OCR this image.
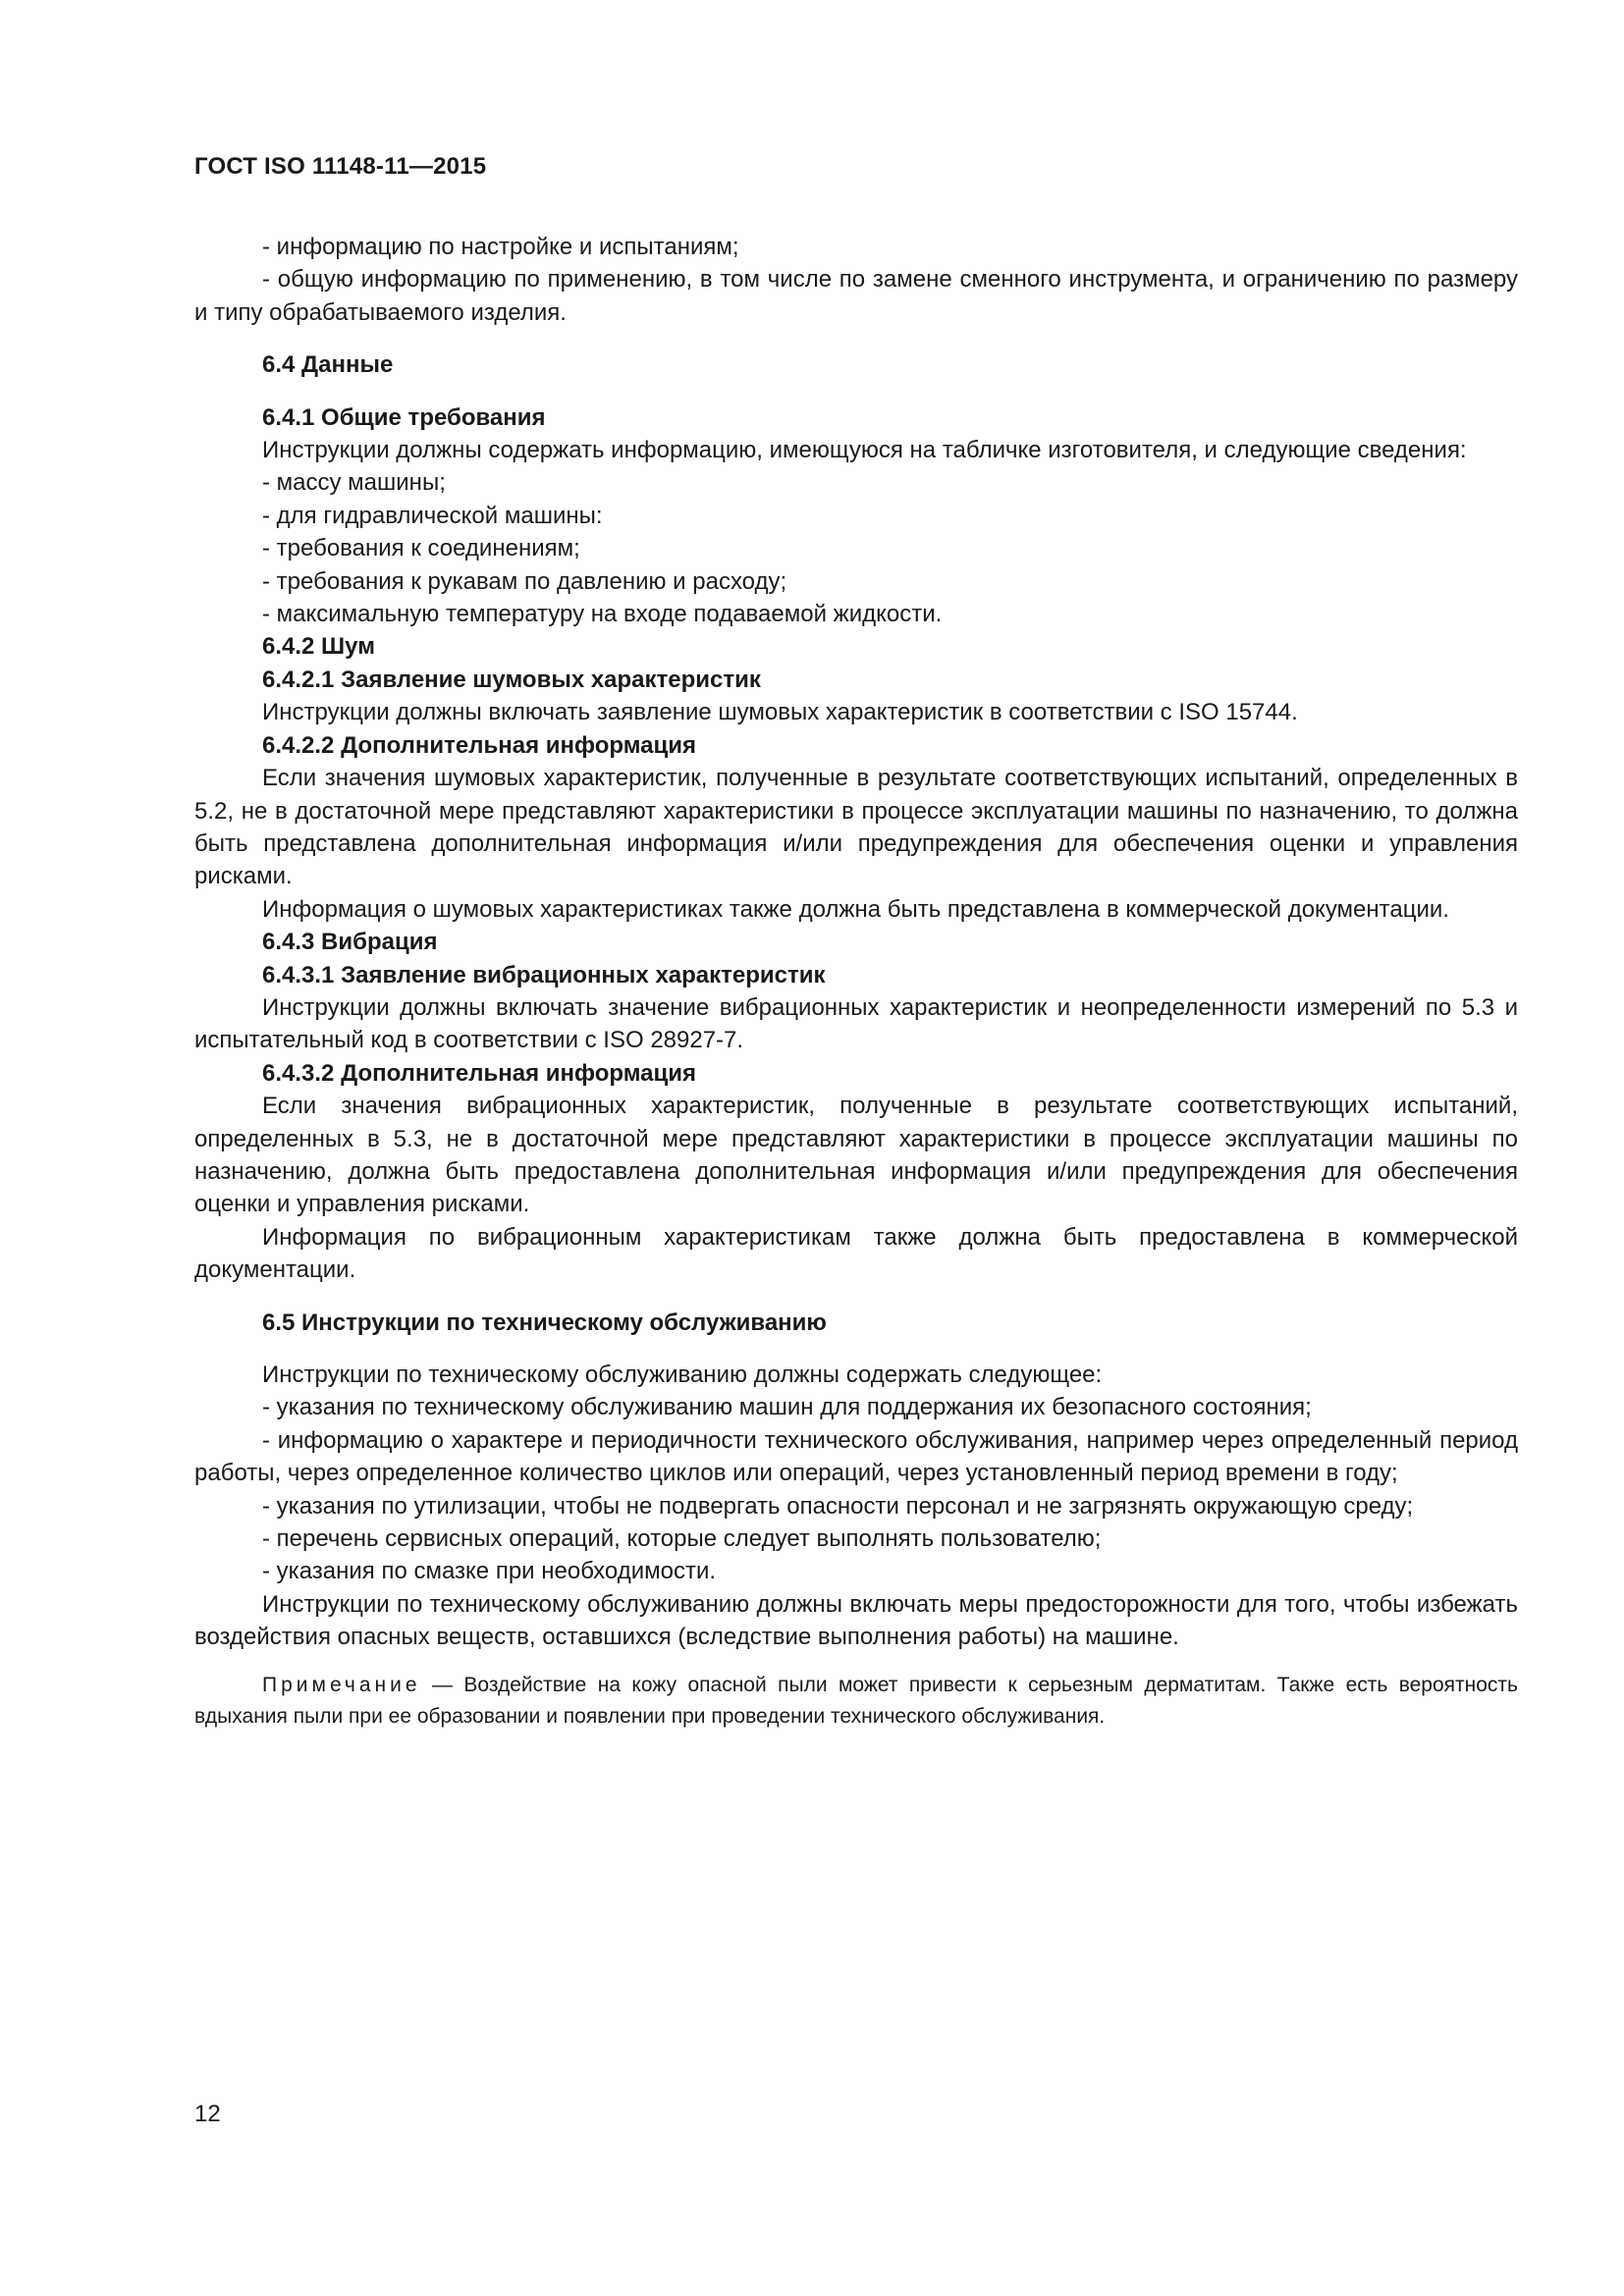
ГОСТ ISO 11148-11—2015

- информацию по настройке и испытаниям;

- общую информацию по применению, в том числе по замене сменного инструмента, и ограничению по размеру и типу обрабатываемого изделия.

6.4 Данные

6.4.1 Общие требования

Инструкции должны содержать информацию, имеющуюся на табличке изготовителя, и следующие сведения:

- массу машины;

- для гидравлической машины:

- требования к соединениям;

- требования к рукавам по давлению и расходу;

- максимальную температуру на входе подаваемой жидкости.

6.4.2 Шум

6.4.2.1 Заявление шумовых характеристик

Инструкции должны включать заявление шумовых характеристик в соответствии с ISO 15744.

6.4.2.2 Дополнительная информация

Если значения шумовых характеристик, полученные в результате соответствующих испытаний, определенных в 5.2, не в достаточной мере представляют характеристики в процессе эксплуатации машины по назначению, то должна быть представлена дополнительная информация и/или предупреждения для обеспечения оценки и управления рисками.

Информация о шумовых характеристиках также должна быть представлена в коммерческой документации.

6.4.3 Вибрация

6.4.3.1 Заявление вибрационных характеристик

Инструкции должны включать значение вибрационных характеристик и неопределенности измерений по 5.3 и испытательный код в соответствии с ISO 28927-7.

6.4.3.2 Дополнительная информация

Если значения вибрационных характеристик, полученные в результате соответствующих испытаний, определенных в 5.3, не в достаточной мере представляют характеристики в процессе эксплуатации машины по назначению, должна быть предоставлена дополнительная информация и/или предупреждения для обеспечения оценки и управления рисками.

Информация по вибрационным характеристикам также должна быть предоставлена в коммерческой документации.

6.5 Инструкции по техническому обслуживанию

Инструкции по техническому обслуживанию должны содержать следующее:

- указания по техническому обслуживанию машин для поддержания их безопасного состояния;

- информацию о характере и периодичности технического обслуживания, например через определенный период работы, через определенное количество циклов или операций, через установленный период времени в году;

- указания по утилизации, чтобы не подвергать опасности персонал и не загрязнять окружающую среду;

- перечень сервисных операций, которые следует выполнять пользователю;

- указания по смазке при необходимости.

Инструкции по техническому обслуживанию должны включать меры предосторожности для того, чтобы избежать воздействия опасных веществ, оставшихся (вследствие выполнения работы) на машине.

Примечание — Воздействие на кожу опасной пыли может привести к серьезным дерматитам. Также есть вероятность вдыхания пыли при ее образовании и появлении при проведении технического обслуживания.

12
